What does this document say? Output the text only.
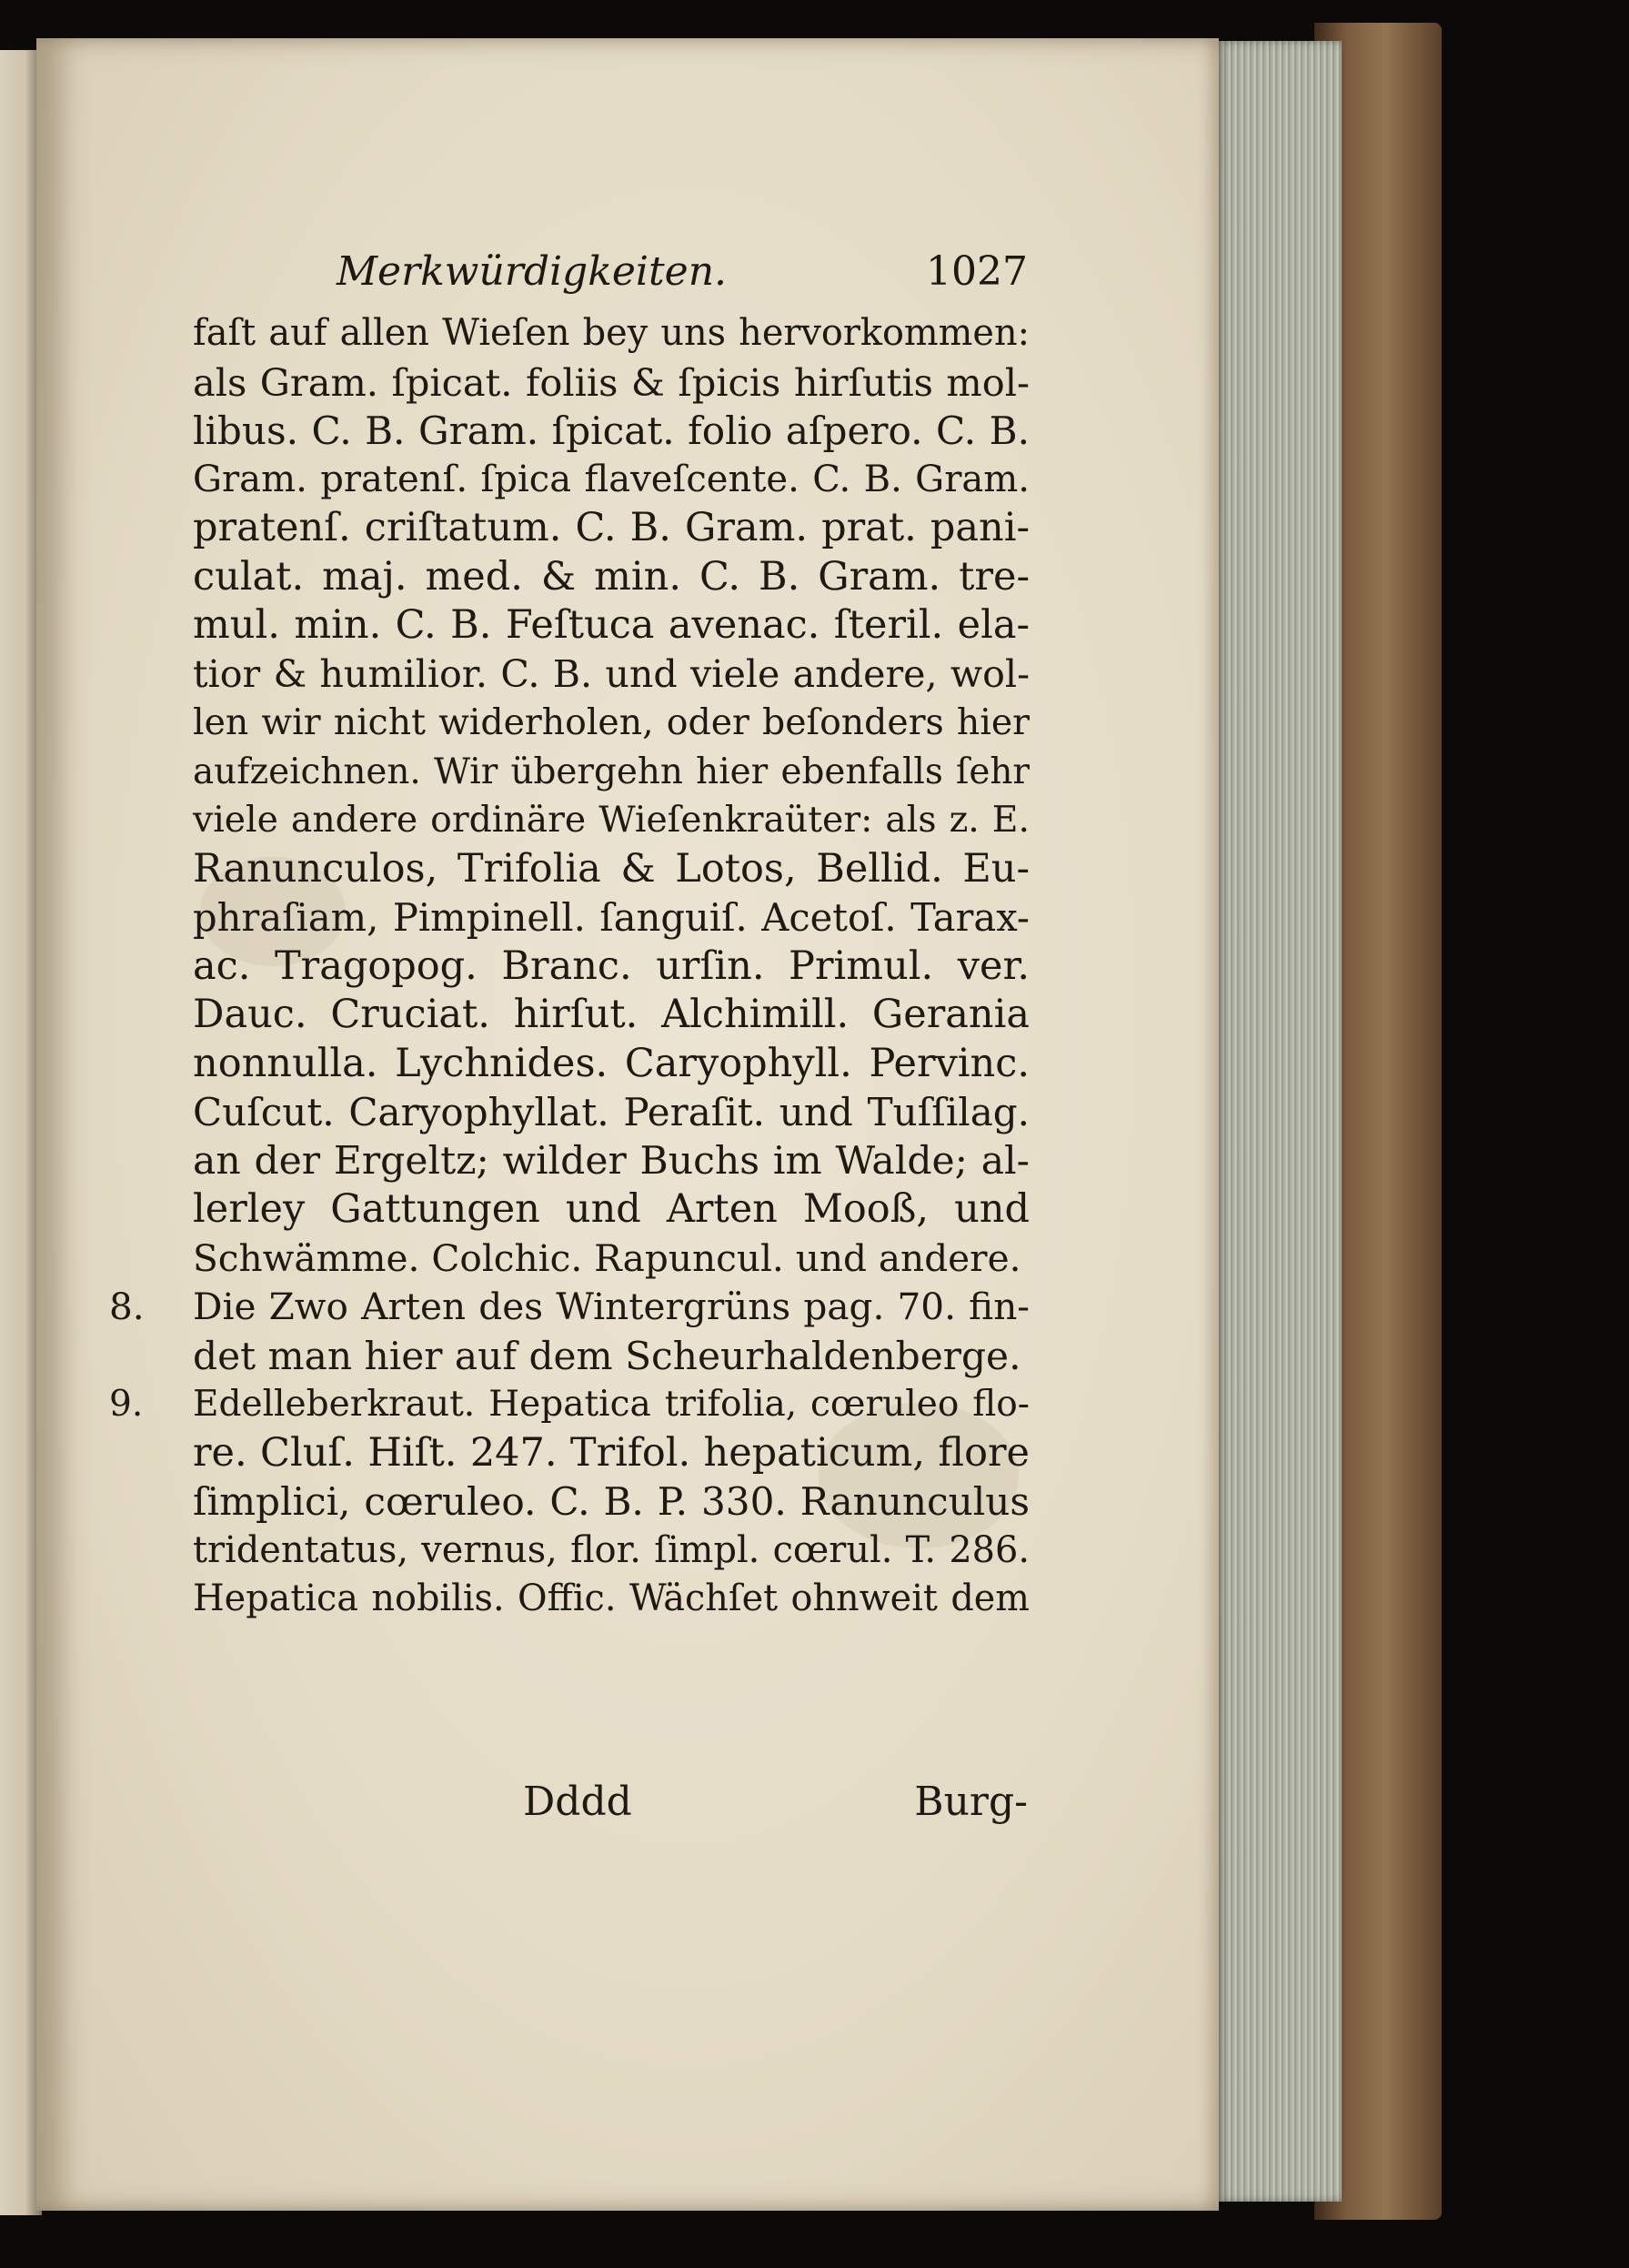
Merkwürdigkeiten.	1027
faſt auf allen Wieſen bey uns hervorkommen:
als Gram. ſpicat. foliis & ſpicis hirſutis mol-
libus. C. B. Gram. ſpicat. folio aſpero. C. B.
Gram. pratenſ. ſpica flaveſcente. C. B. Gram.
pratenſ. criſtatum. C. B. Gram. prat. pani-
culat. maj. med. & min. C. B. Gram. tre-
mul. min. C. B. Feſtuca avenac. ſteril. ela-
tior & humilior. C. B. und viele andere, wol-
len wir nicht widerholen, oder beſonders hier
aufzeichnen. Wir übergehn hier ebenfalls ſehr
viele andere ordinäre Wieſenkraüter: als z. E.
Ranunculos, Trifolia & Lotos, Bellid. Eu-
phraſiam, Pimpinell. ſanguiſ. Acetoſ. Tarax-
ac. Tragopog. Branc. urſin. Primul. ver.
Dauc. Cruciat. hirſut. Alchimill. Gerania
nonnulla. Lychnides. Caryophyll. Pervinc.
Cuſcut. Caryophyllat. Peraſit. und Tuſſilag.
an der Ergeltz; wilder Buchs im Walde; al-
lerley Gattungen und Arten Mooß, und
Schwämme. Colchic. Rapuncul. und andere.
8. Die Zwo Arten des Wintergrüns pag. 70. fin-
det man hier auf dem Scheurhaldenberge.
9. Edelleberkraut. Hepatica trifolia, cœruleo flo-
re. Cluſ. Hiſt. 247. Trifol. hepaticum, flore
ſimplici, cœruleo. C. B. P. 330. Ranunculus
tridentatus, vernus, flor. ſimpl. cœrul. T. 286.
Hepatica nobilis. Offic. Wächſet ohnweit dem
Dddd	Burg-
